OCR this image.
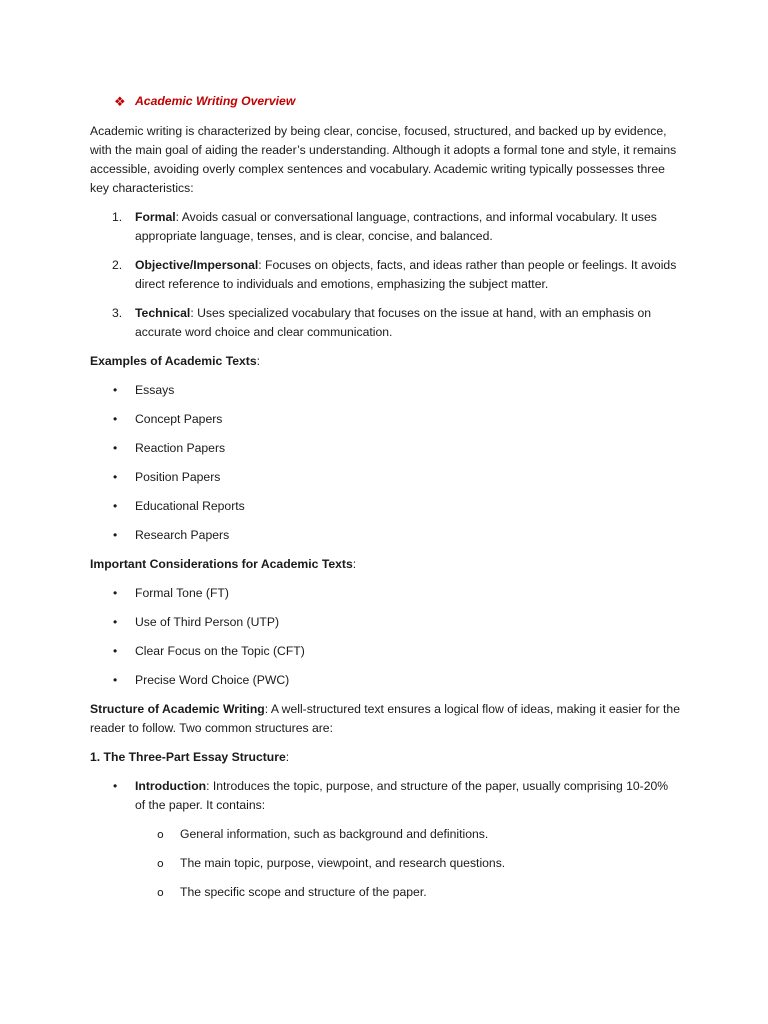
❖ Academic Writing Overview

Academic writing is characterized by being clear, concise, focused, structured, and backed up by evidence, with the main goal of aiding the reader’s understanding. Although it adopts a formal tone and style, it remains accessible, avoiding overly complex sentences and vocabulary. Academic writing typically possesses three key characteristics:

1. Formal: Avoids casual or conversational language, contractions, and informal vocabulary. It uses appropriate language, tenses, and is clear, concise, and balanced.
2. Objective/Impersonal: Focuses on objects, facts, and ideas rather than people or feelings. It avoids direct reference to individuals and emotions, emphasizing the subject matter.
3. Technical: Uses specialized vocabulary that focuses on the issue at hand, with an emphasis on accurate word choice and clear communication.

Examples of Academic Texts:

• Essays
• Concept Papers
• Reaction Papers
• Position Papers
• Educational Reports
• Research Papers

Important Considerations for Academic Texts:

• Formal Tone (FT)
• Use of Third Person (UTP)
• Clear Focus on the Topic (CFT)
• Precise Word Choice (PWC)

Structure of Academic Writing: A well-structured text ensures a logical flow of ideas, making it easier for the reader to follow. Two common structures are:

1. The Three-Part Essay Structure:

• Introduction: Introduces the topic, purpose, and structure of the paper, usually comprising 10-20% of the paper. It contains:
o General information, such as background and definitions.
o The main topic, purpose, viewpoint, and research questions.
o The specific scope and structure of the paper.
